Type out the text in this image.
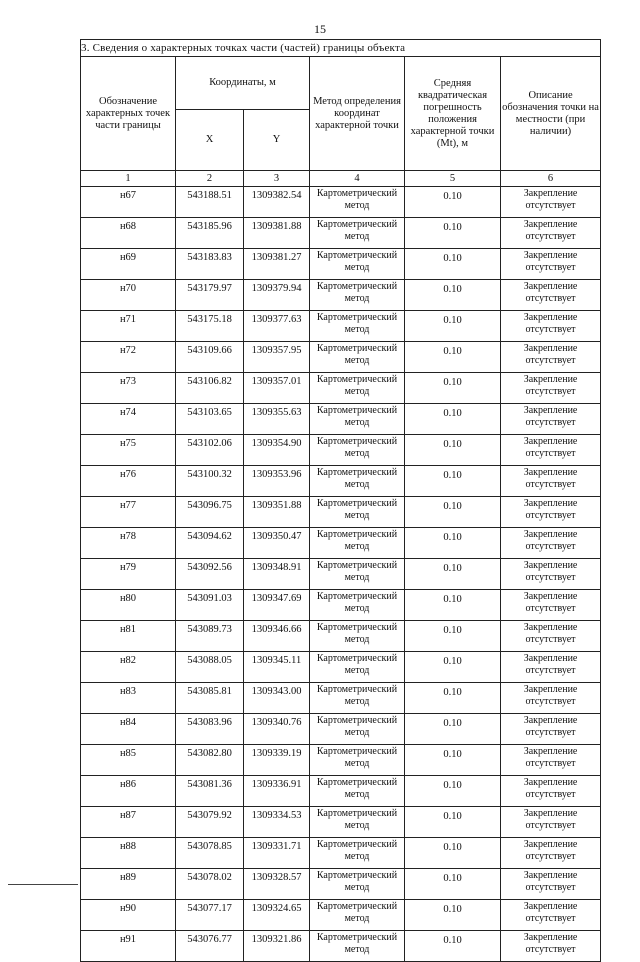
15
3. Сведения о характерных точках части (частей) границы объекта					
Обозначение характерных точек части границы	Координаты, м		Метод определения координат характерной точки	Средняя квадратическая погрешность положения характерной точки (Mt), м	Описание обозначения точки на местности (при наличии)
	X	Y			
1	2	3	4	5	6
н67	543188.51	1309382.54	Картометрический метод	0.10	Закрепление отсутствует
н68	543185.96	1309381.88	Картометрический метод	0.10	Закрепление отсутствует
н69	543183.83	1309381.27	Картометрический метод	0.10	Закрепление отсутствует
н70	543179.97	1309379.94	Картометрический метод	0.10	Закрепление отсутствует
н71	543175.18	1309377.63	Картометрический метод	0.10	Закрепление отсутствует
н72	543109.66	1309357.95	Картометрический метод	0.10	Закрепление отсутствует
н73	543106.82	1309357.01	Картометрический метод	0.10	Закрепление отсутствует
н74	543103.65	1309355.63	Картометрический метод	0.10	Закрепление отсутствует
н75	543102.06	1309354.90	Картометрический метод	0.10	Закрепление отсутствует
н76	543100.32	1309353.96	Картометрический метод	0.10	Закрепление отсутствует
н77	543096.75	1309351.88	Картометрический метод	0.10	Закрепление отсутствует
н78	543094.62	1309350.47	Картометрический метод	0.10	Закрепление отсутствует
н79	543092.56	1309348.91	Картометрический метод	0.10	Закрепление отсутствует
н80	543091.03	1309347.69	Картометрический метод	0.10	Закрепление отсутствует
н81	543089.73	1309346.66	Картометрический метод	0.10	Закрепление отсутствует
н82	543088.05	1309345.11	Картометрический метод	0.10	Закрепление отсутствует
н83	543085.81	1309343.00	Картометрический метод	0.10	Закрепление отсутствует
н84	543083.96	1309340.76	Картометрический метод	0.10	Закрепление отсутствует
н85	543082.80	1309339.19	Картометрический метод	0.10	Закрепление отсутствует
н86	543081.36	1309336.91	Картометрический метод	0.10	Закрепление отсутствует
н87	543079.92	1309334.53	Картометрический метод	0.10	Закрепление отсутствует
н88	543078.85	1309331.71	Картометрический метод	0.10	Закрепление отсутствует
н89	543078.02	1309328.57	Картометрический метод	0.10	Закрепление отсутствует
н90	543077.17	1309324.65	Картометрический метод	0.10	Закрепление отсутствует
н91	543076.77	1309321.86	Картометрический метод	0.10	Закрепление отсутствует
